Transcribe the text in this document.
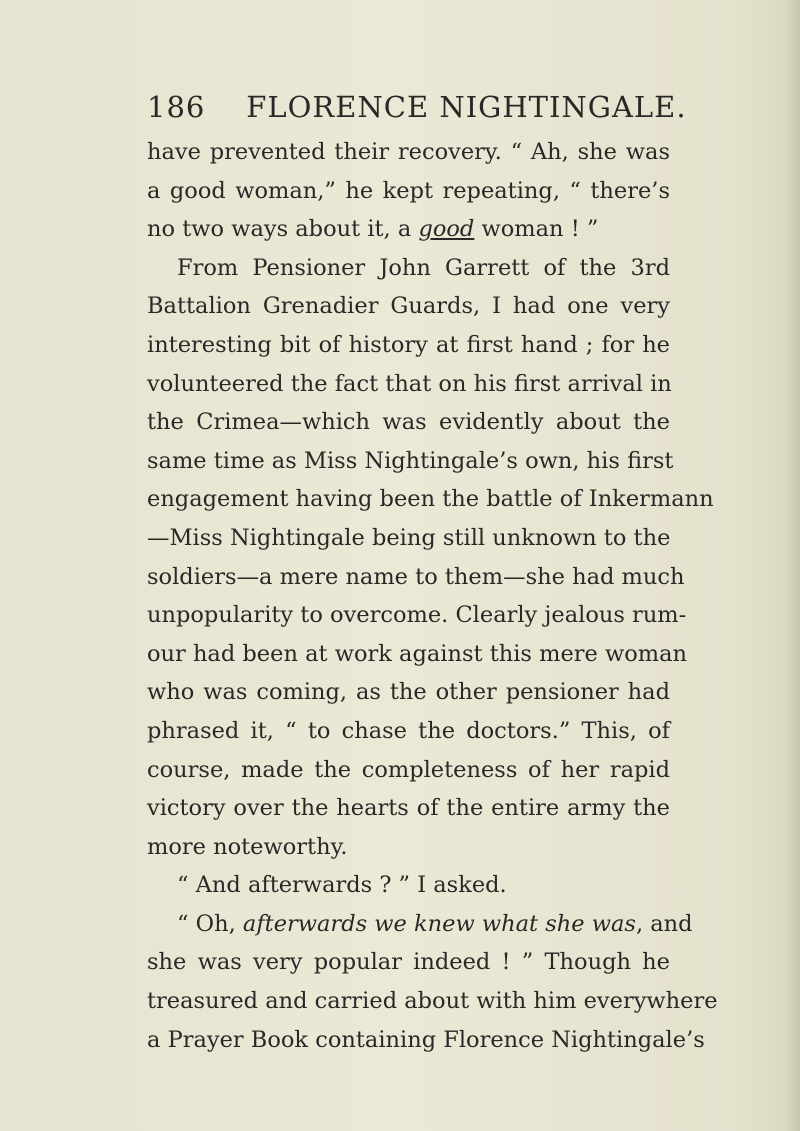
186 FLORENCE NIGHTINGALE.
have prevented their recovery. “ Ah, she was
a good woman,” he kept repeating, “ there’s
no two ways about it, a good woman ! ”
From Pensioner John Garrett of the 3rd
Battalion Grenadier Guards, I had one very
interesting bit of history at first hand ; for he
volunteered the fact that on his first arrival in
the Crimea—which was evidently about the
same time as Miss Nightingale’s own, his first
engagement having been the battle of Inkermann
—Miss Nightingale being still unknown to the
soldiers—a mere name to them—she had much
unpopularity to overcome. Clearly jealous rum-
our had been at work against this mere woman
who was coming, as the other pensioner had
phrased it, “ to chase the doctors.” This, of
course, made the completeness of her rapid
victory over the hearts of the entire army the
more noteworthy.
“ And afterwards ? ” I asked.
“ Oh, afterwards we knew what she was, and
she was very popular indeed ! ” Though he
treasured and carried about with him everywhere
a Prayer Book containing Florence Nightingale’s
